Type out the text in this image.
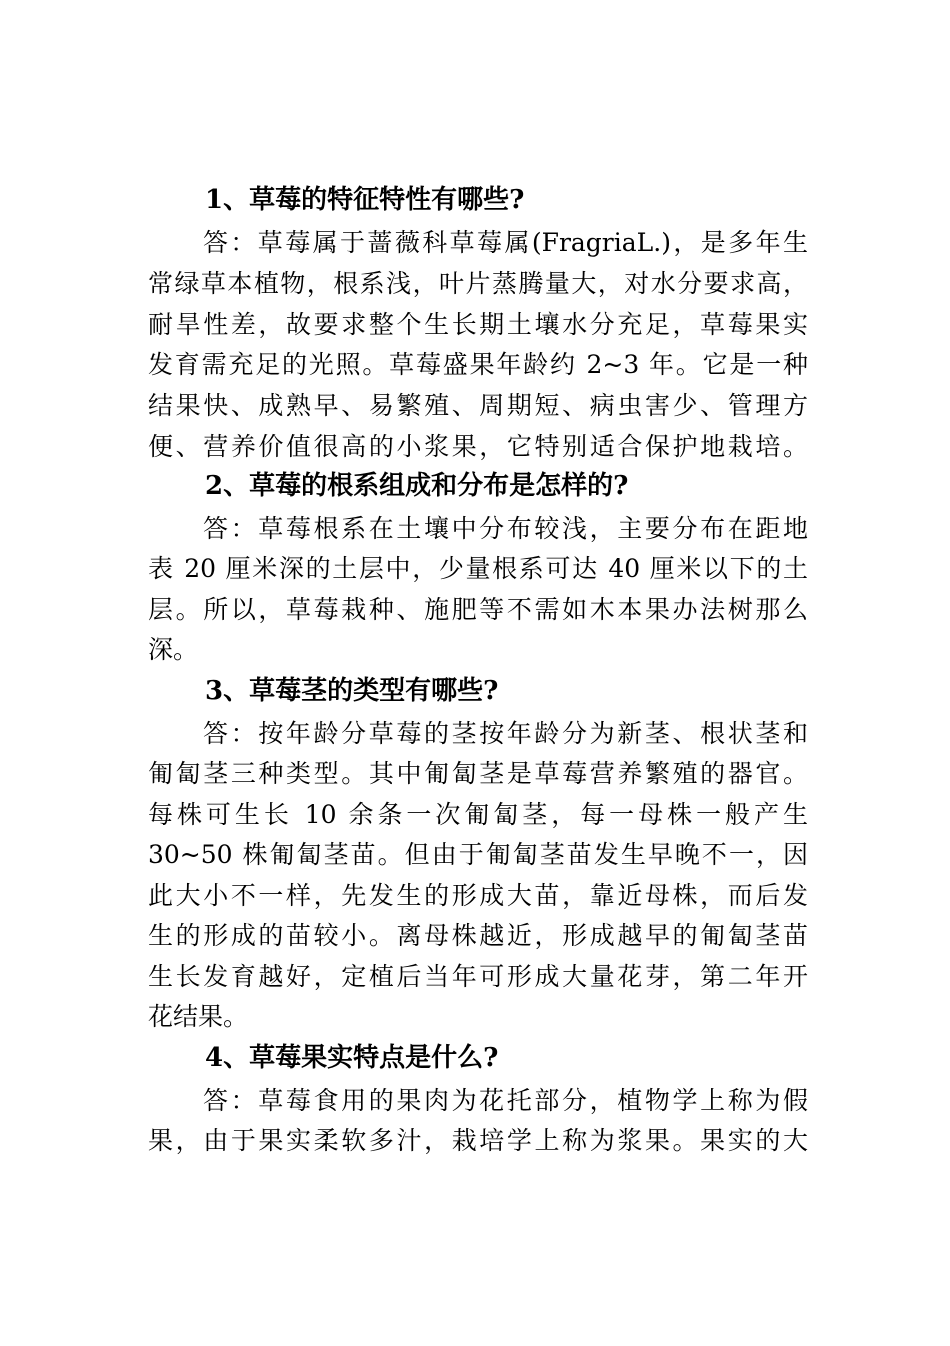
1、草莓的特征特性有哪些?
答：草莓属于蔷薇科草莓属(FragriaL.)，是多年生
常绿草本植物，根系浅，叶片蒸腾量大，对水分要求高，
耐旱性差，故要求整个生长期土壤水分充足，草莓果实
发育需充足的光照。草莓盛果年龄约 2~3 年。它是一种
结果快、成熟早、易繁殖、周期短、病虫害少、管理方
便、营养价值很高的小浆果，它特别适合保护地栽培。
2、草莓的根系组成和分布是怎样的?
答：草莓根系在土壤中分布较浅，主要分布在距地
表 20 厘米深的土层中，少量根系可达 40 厘米以下的土
层。所以，草莓栽种、施肥等不需如木本果办法树那么
深。
3、草莓茎的类型有哪些?
答：按年龄分草莓的茎按年龄分为新茎、根状茎和
匍匐茎三种类型。其中匍匐茎是草莓营养繁殖的器官。
每株可生长 10 余条一次匍匐茎，每一母株一般产生
30~50 株匍匐茎苗。但由于匍匐茎苗发生早晚不一，因
此大小不一样，先发生的形成大苗，靠近母株，而后发
生的形成的苗较小。离母株越近，形成越早的匍匐茎苗
生长发育越好，定植后当年可形成大量花芽，第二年开
花结果。
4、草莓果实特点是什么?
答：草莓食用的果肉为花托部分，植物学上称为假
果，由于果实柔软多汁，栽培学上称为浆果。果实的大
